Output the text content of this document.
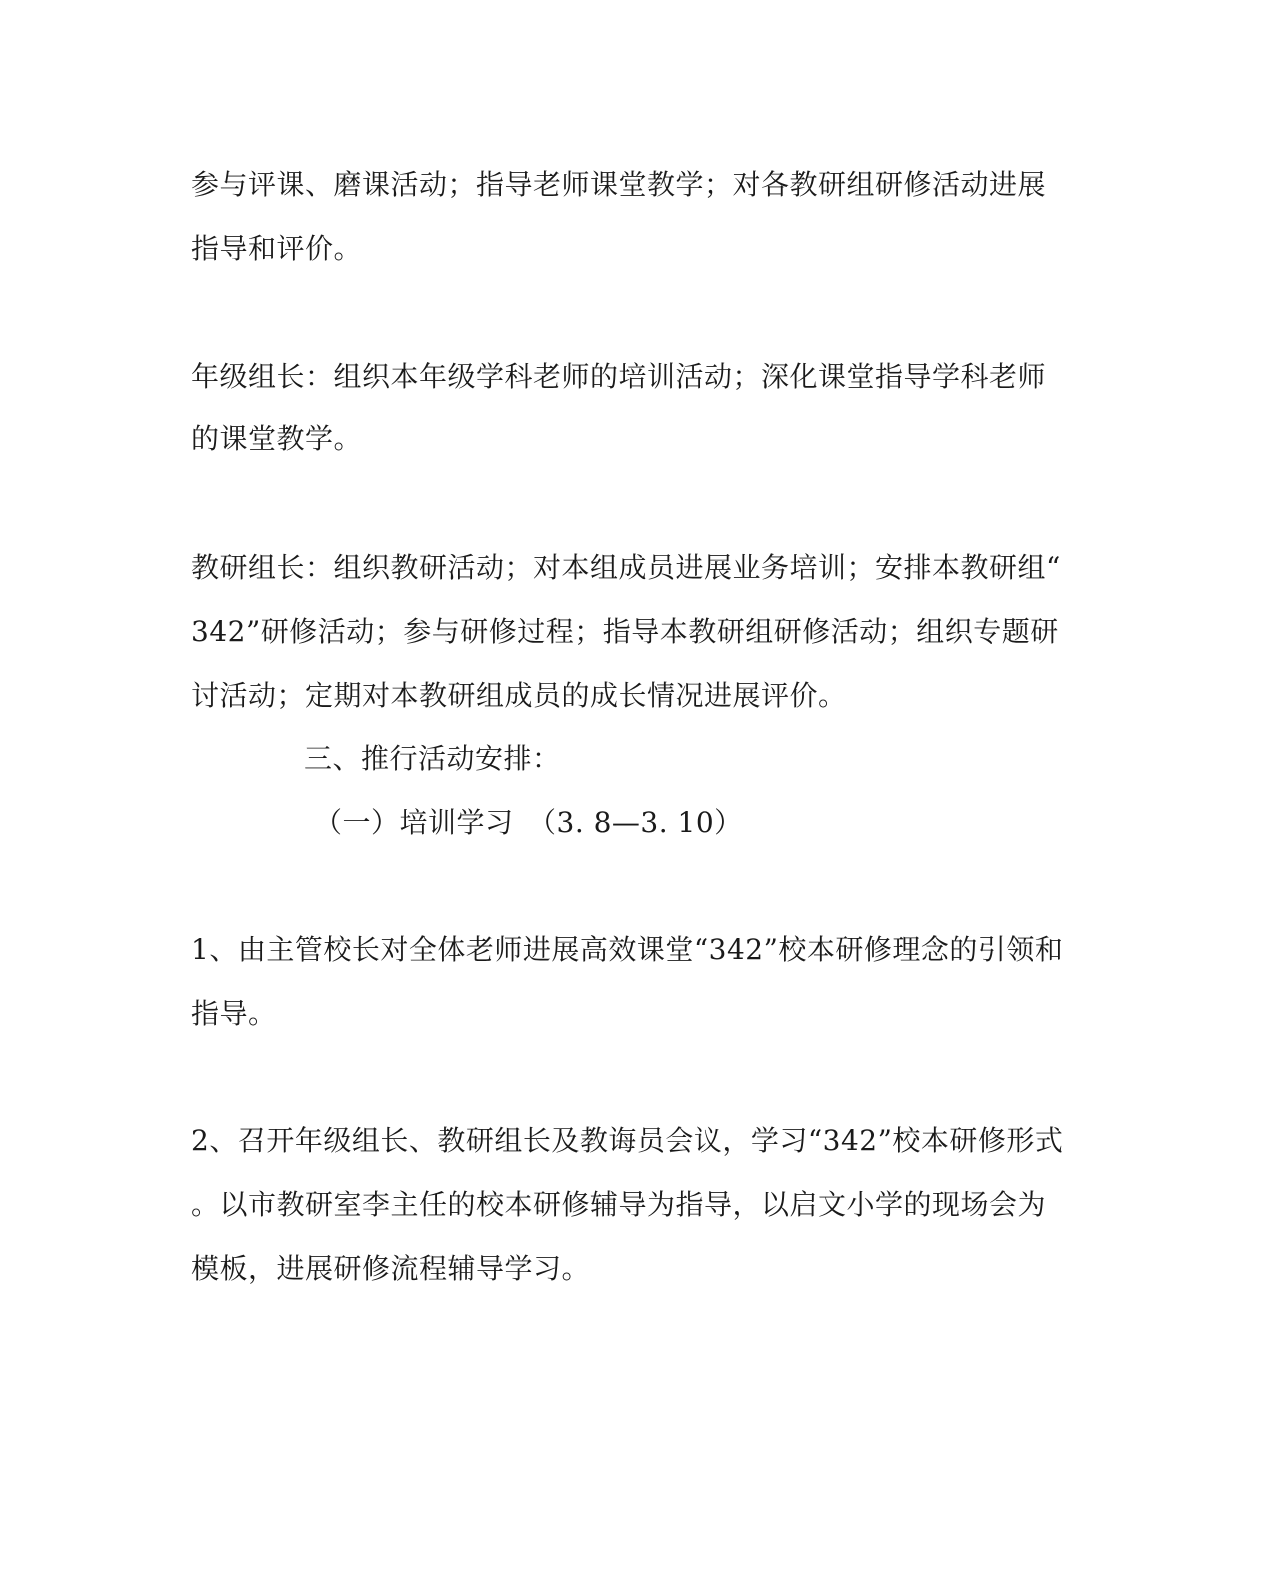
参与评课、磨课活动；指导老师课堂教学；对各教研组研修活动进展
指导和评价。
年级组长：组织本年级学科老师的培训活动；深化课堂指导学科老师
的课堂教学。
教研组长：组织教研活动；对本组成员进展业务培训；安排本教研组“
342”研修活动；参与研修过程；指导本教研组研修活动；组织专题研
讨活动；定期对本教研组成员的成长情况进展评价。
三、推行活动安排：
（一）培训学习　（3. 8—3. 10）
1、由主管校长对全体老师进展高效课堂“342”校本研修理念的引领和
指导。
2、召开年级组长、教研组长及教诲员会议，学习“342”校本研修形式
。以市教研室李主任的校本研修辅导为指导，以启文小学的现场会为
模板，进展研修流程辅导学习。
